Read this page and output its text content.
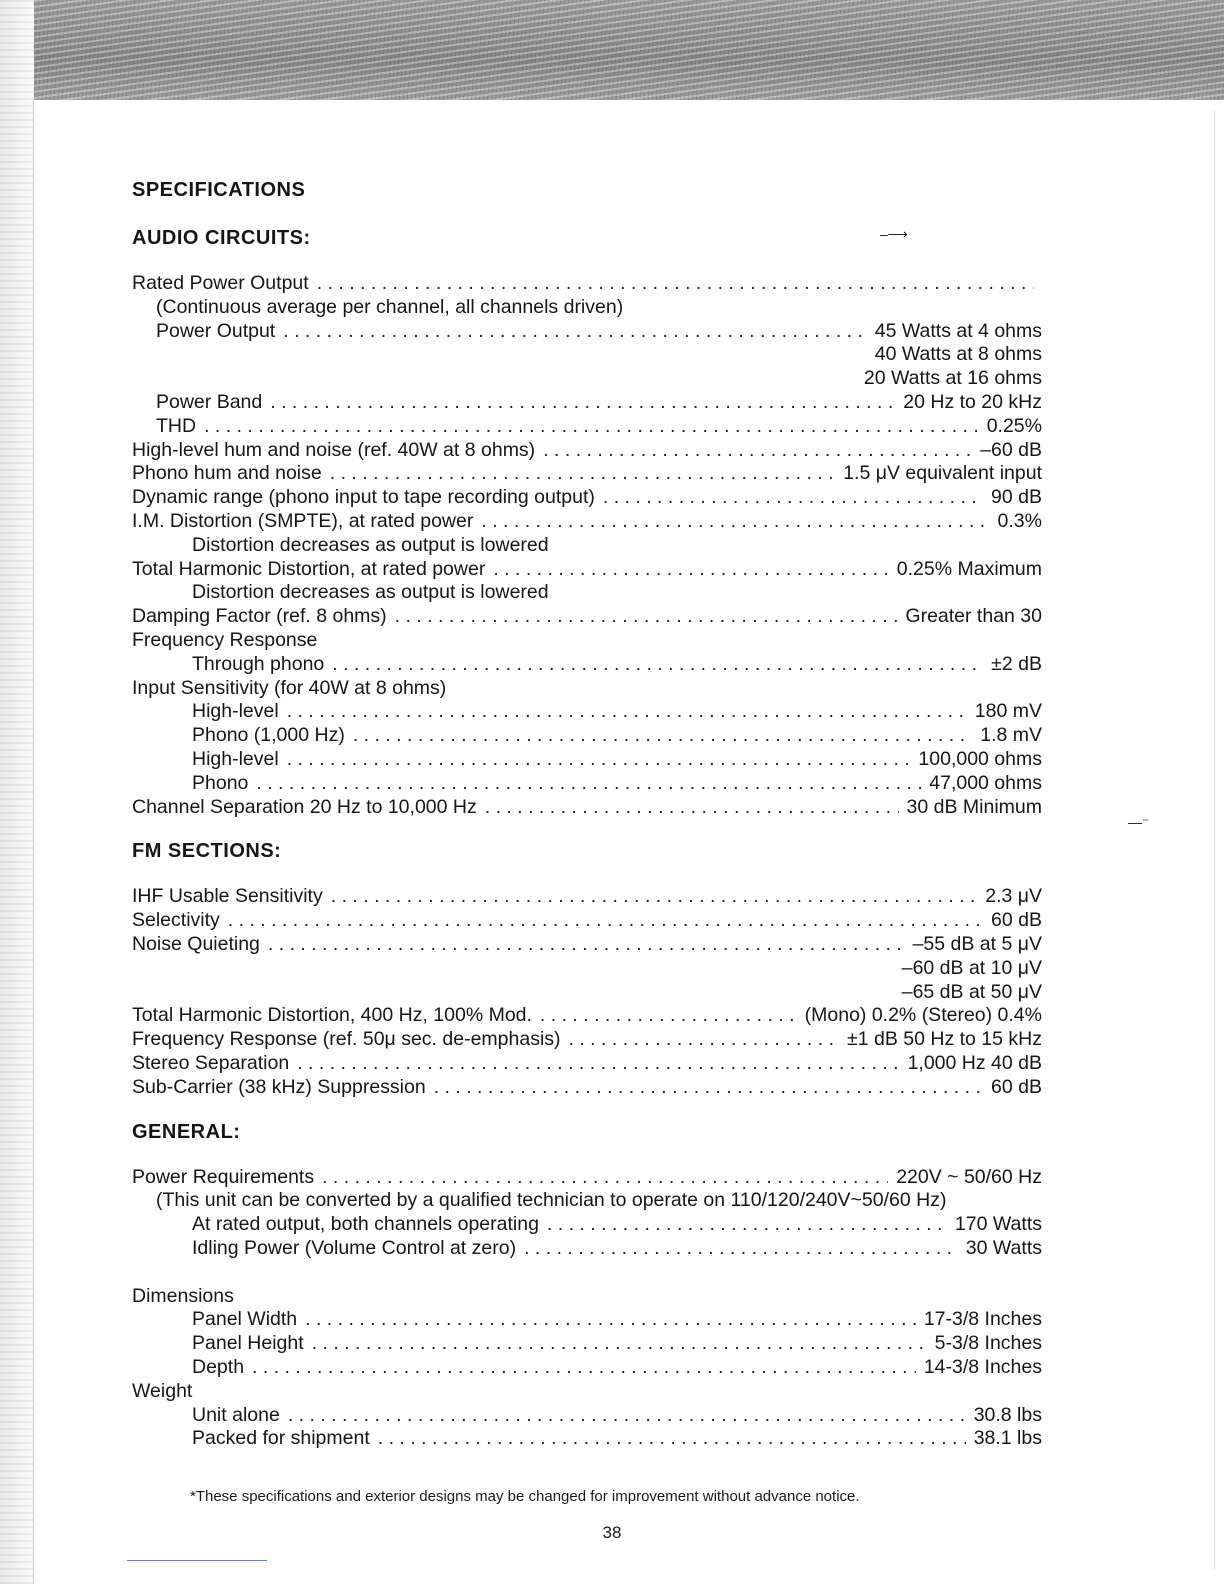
–⟶
—⁻
SPECIFICATIONS
AUDIO CIRCUITS:
Rated Power Output
. . .
(Continuous average per channel, all channels driven)
Power Output . . .	45 Watts at 4 ohms
40 Watts at 8 ohms
20 Watts at 16 ohms
Power Band . . .	20 Hz to 20 kHz
THD . . .	0.25%
High-level hum and noise (ref. 40W at 8 ohms) . . .	–60 dB
Phono hum and noise . . .	1.5 μV equivalent input
Dynamic range (phono input to tape recording output) . . .	90 dB
I.M. Distortion (SMPTE), at rated power . . .	0.3%
Distortion decreases as output is lowered
Total Harmonic Distortion, at rated power . . .	0.25% Maximum
Distortion decreases as output is lowered
Damping Factor (ref. 8 ohms) . . .	Greater than 30
Frequency Response
Through phono . . .	±2 dB
Input Sensitivity (for 40W at 8 ohms)
High-level . . .	180 mV
Phono (1,000 Hz) . . .	1.8 mV
High-level . . .	100,000 ohms
Phono . . .	47,000 ohms
Channel Separation 20 Hz to 10,000 Hz . . .	30 dB Minimum
FM SECTIONS:
IHF Usable Sensitivity . . .	2.3 μV
Selectivity . . .	60 dB
Noise Quieting . . .	–55 dB at 5 μV
–60 dB at 10 μV
–65 dB at 50 μV
Total Harmonic Distortion, 400 Hz, 100% Mod. . . .	(Mono) 0.2% (Stereo) 0.4%
Frequency Response (ref. 50μ sec. de-emphasis) . . .	±1 dB 50 Hz to 15 kHz
Stereo Separation . . .	1,000 Hz 40 dB
Sub-Carrier (38 kHz) Suppression . . .	60 dB
GENERAL:
Power Requirements . . .	220V ~ 50/60 Hz
(This unit can be converted by a qualified technician to operate on 110/120/240V~50/60 Hz)
At rated output, both channels operating . . .	170 Watts
Idling Power (Volume Control at zero) . . .	30 Watts
Dimensions
Panel Width . . .	17-3/8 Inches
Panel Height . . .	5-3/8 Inches
Depth . . .	14-3/8 Inches
Weight
Unit alone . . .	30.8 lbs
Packed for shipment . . .	38.1 lbs
*These specifications and exterior designs may be changed for improvement without advance notice.
38
